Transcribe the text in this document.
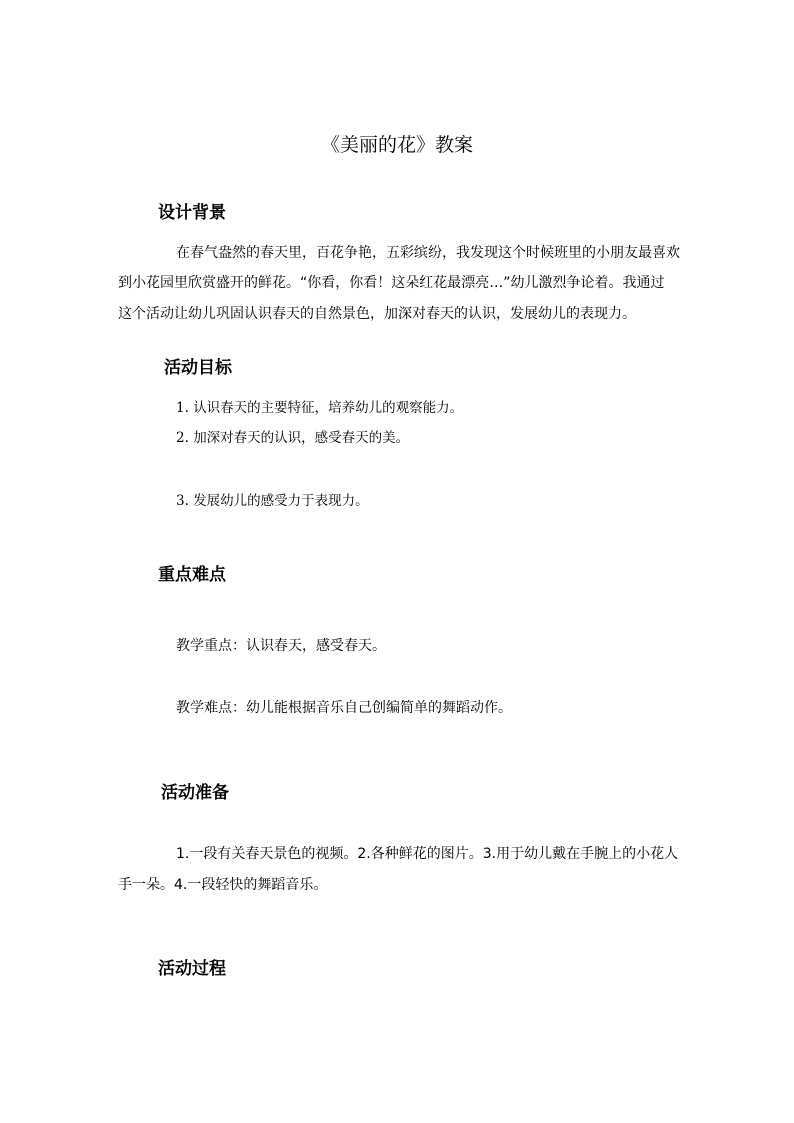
《美丽的花》教案
设计背景
在春气盎然的春天里，百花争艳，五彩缤纷，我发现这个时候班里的小朋友最喜欢
到小花园里欣赏盛开的鲜花。“你看，你看！这朵红花最漂亮…”幼儿激烈争论着。我通过
这个活动让幼儿巩固认识春天的自然景色，加深对春天的认识，发展幼儿的表现力。
活动目标
1. 认识春天的主要特征，培养幼儿的观察能力。
2. 加深对春天的认识，感受春天的美。
3. 发展幼儿的感受力于表现力。
重点难点
教学重点：认识春天，感受春天。
教学难点：幼儿能根据音乐自己创编简单的舞蹈动作。
活动准备
1.一段有关春天景色的视频。2.各种鲜花的图片。3.用于幼儿戴在手腕上的小花人
手一朵。4.一段轻快的舞蹈音乐。
活动过程
